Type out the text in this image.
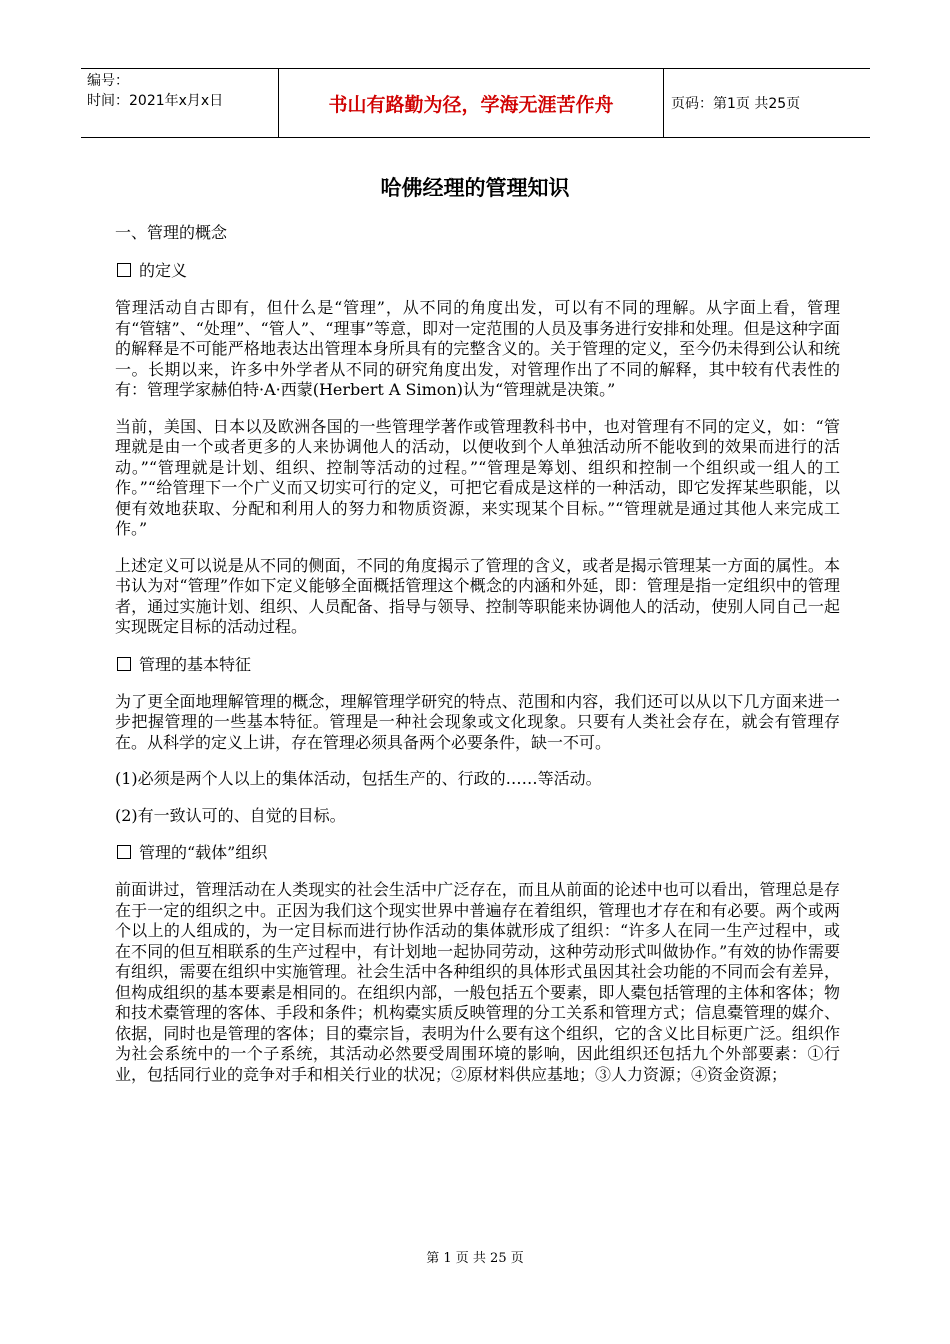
编号：
时间：2021年x月x日	书山有路勤为径，学海无涯苦作舟	页码：第1页 共25页
哈佛经理的管理知识
一、管理的概念
的定义
管理活动自古即有，但什么是“管理”，从不同的角度出发，可以有不同的理解。从字面上看，管理有“管辖”、“处理”、“管人”、“理事”等意，即对一定范围的人员及事务进行安排和处理。但是这种字面的解释是不可能严格地表达出管理本身所具有的完整含义的。关于管理的定义，至今仍未得到公认和统一。长期以来，许多中外学者从不同的研究角度出发，对管理作出了不同的解释，其中较有代表性的有：管理学家赫伯特·A·西蒙(Herbert A Simon)认为“管理就是决策。”
当前，美国、日本以及欧洲各国的一些管理学著作或管理教科书中，也对管理有不同的定义，如：“管理就是由一个或者更多的人来协调他人的活动，以便收到个人单独活动所不能收到的效果而进行的活动。”“管理就是计划、组织、控制等活动的过程。”“管理是筹划、组织和控制一个组织或一组人的工作。”“给管理下一个广义而又切实可行的定义，可把它看成是这样的一种活动，即它发挥某些职能，以便有效地获取、分配和利用人的努力和物质资源，来实现某个目标。”“管理就是通过其他人来完成工作。”
上述定义可以说是从不同的侧面，不同的角度揭示了管理的含义，或者是揭示管理某一方面的属性。本书认为对“管理”作如下定义能够全面概括管理这个概念的内涵和外延，即：管理是指一定组织中的管理者，通过实施计划、组织、人员配备、指导与领导、控制等职能来协调他人的活动，使别人同自己一起实现既定目标的活动过程。
管理的基本特征
为了更全面地理解管理的概念，理解管理学研究的特点、范围和内容，我们还可以从以下几方面来进一步把握管理的一些基本特征。管理是一种社会现象或文化现象。只要有人类社会存在，就会有管理存在。从科学的定义上讲，存在管理必须具备两个必要条件，缺一不可。
(1)必须是两个人以上的集体活动，包括生产的、行政的……等活动。
(2)有一致认可的、自觉的目标。
管理的“载体”组织
前面讲过，管理活动在人类现实的社会生活中广泛存在，而且从前面的论述中也可以看出，管理总是存在于一定的组织之中。正因为我们这个现实世界中普遍存在着组织，管理也才存在和有必要。两个或两个以上的人组成的，为一定目标而进行协作活动的集体就形成了组织：“许多人在同一生产过程中，或在不同的但互相联系的生产过程中，有计划地一起协同劳动，这种劳动形式叫做协作。”有效的协作需要有组织，需要在组织中实施管理。社会生活中各种组织的具体形式虽因其社会功能的不同而会有差异，但构成组织的基本要素是相同的。在组织内部，一般包括五个要素，即人橐包括管理的主体和客体；物和技术橐管理的客体、手段和条件；机构橐实质反映管理的分工关系和管理方式；信息橐管理的媒介、依据，同时也是管理的客体；目的橐宗旨，表明为什么要有这个组织，它的含义比目标更广泛。组织作为社会系统中的一个子系统，其活动必然要受周围环境的影响，因此组织还包括九个外部要素：①行业，包括同行业的竞争对手和相关行业的状况；②原材料供应基地；③人力资源；④资金资源；
第 1 页 共 25 页
